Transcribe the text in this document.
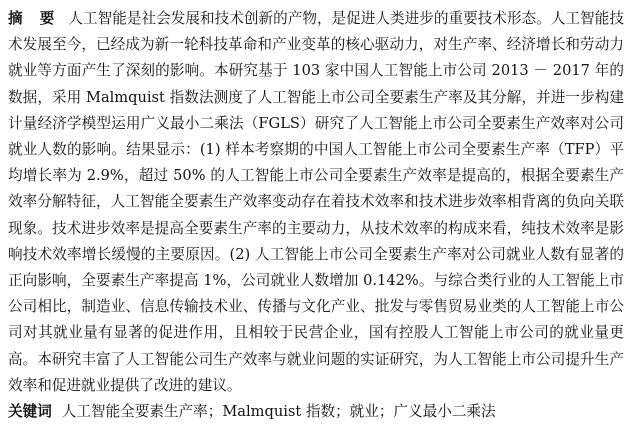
摘 要 人工智能是社会发展和技术创新的产物，是促进人类进步的重要技术形态。人工智能技术发展至今，已经成为新一轮科技革命和产业变革的核心驱动力，对生产率、经济增长和劳动力就业等方面产生了深刻的影响。本研究基于 103 家中国人工智能上市公司 2013 － 2017 年的数据，采用 Malmquist 指数法测度了人工智能上市公司全要素生产率及其分解，并进一步构建计量经济学模型运用广义最小二乘法（FGLS）研究了人工智能上市公司全要素生产效率对公司就业人数的影响。结果显示：(1) 样本考察期的中国人工智能上市公司全要素生产率（TFP）平均增长率为 2.9%，超过 50% 的人工智能上市公司全要素生产效率是提高的，根据全要素生产效率分解特征，人工智能全要素生产效率变动存在着技术效率和技术进步效率相背离的负向关联现象。技术进步效率是提高全要素生产率的主要动力，从技术效率的构成来看，纯技术效率是影响技术效率增长缓慢的主要原因。(2) 人工智能上市公司全要素生产率对公司就业人数有显著的正向影响，全要素生产率提高 1%，公司就业人数增加 0.142%。与综合类行业的人工智能上市公司相比，制造业、信息传输技术业、传播与文化产业、批发与零售贸易业类的人工智能上市公司对其就业量有显著的促进作用，且相较于民营企业，国有控股人工智能上市公司的就业量更高。本研究丰富了人工智能公司生产效率与就业问题的实证研究，为人工智能上市公司提升生产效率和促进就业提供了改进的建议。

关键词 人工智能全要素生产率；Malmquist 指数；就业；广义最小二乘法
